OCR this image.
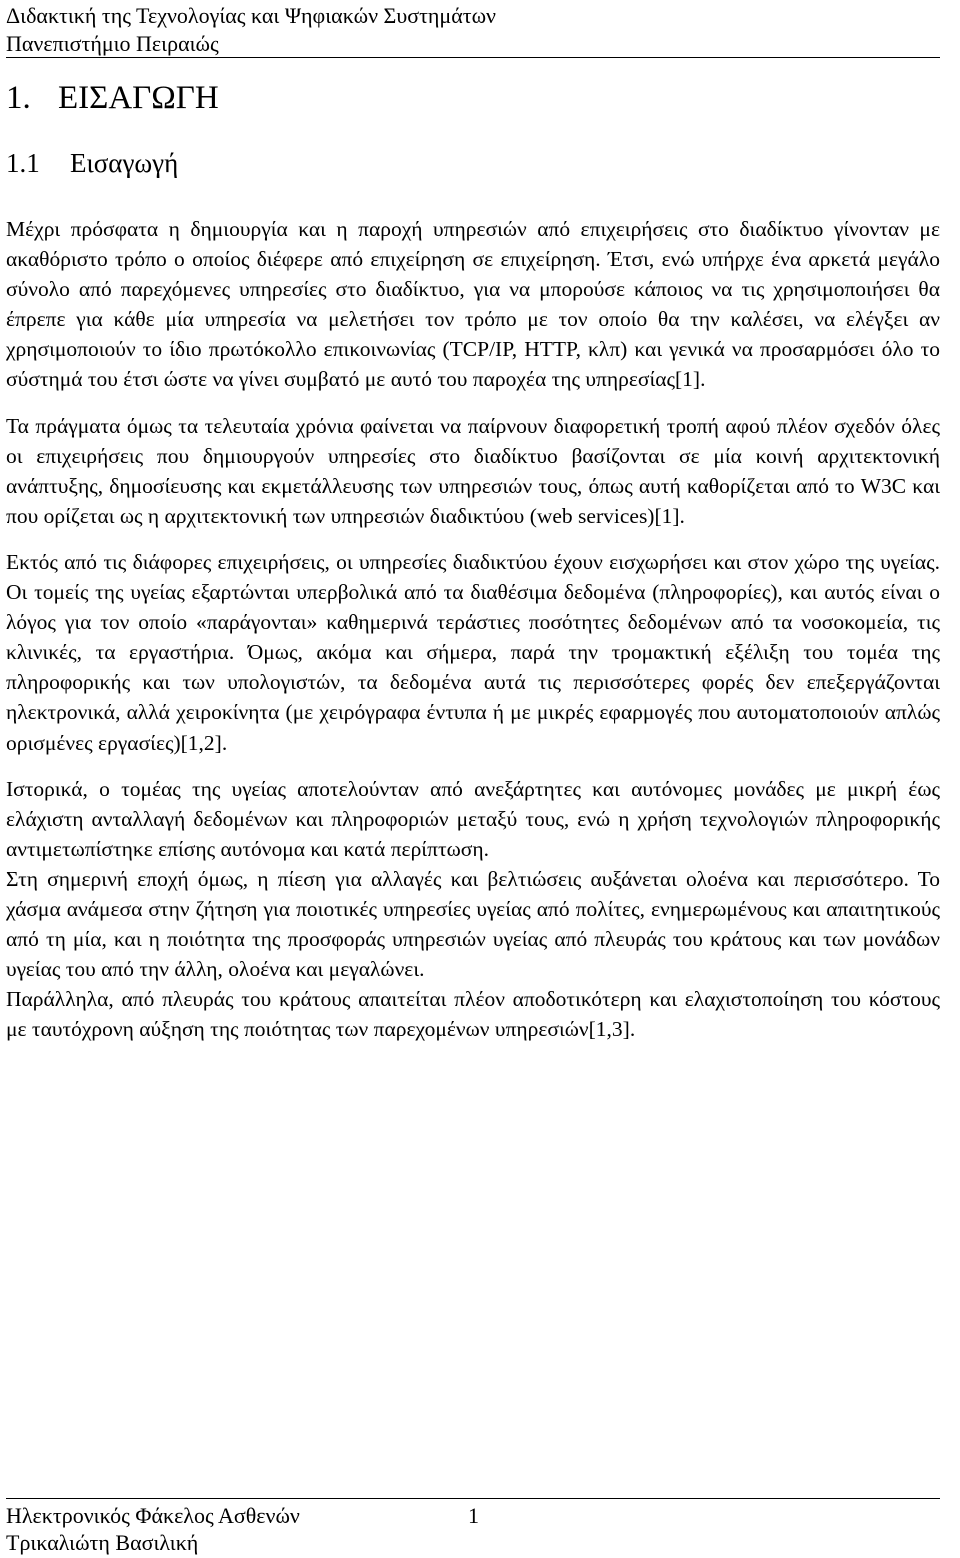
Διδακτική της Τεχνολογίας και Ψηφιακών Συστημάτων
Πανεπιστήμιο Πειραιώς
1. ΕΙΣΑΓΩΓΗ
1.1 Εισαγωγή

Μέχρι πρόσφατα η δημιουργία και η παροχή υπηρεσιών από επιχειρήσεις στο διαδίκτυο γίνονταν με ακαθόριστο τρόπο ο οποίος διέφερε από επιχείρηση σε επιχείρηση. Έτσι, ενώ υπήρχε ένα αρκετά μεγάλο σύνολο από παρεχόμενες υπηρεσίες στο διαδίκτυο, για να μπορούσε κάποιος να τις χρησιμοποιήσει θα έπρεπε για κάθε μία υπηρεσία να μελετήσει τον τρόπο με τον οποίο θα την καλέσει, να ελέγξει αν χρησιμοποιούν το ίδιο πρωτόκολλο επικοινωνίας (TCP/IP, HTTP, κλπ) και γενικά να προσαρμόσει όλο το σύστημά του έτσι ώστε να γίνει συμβατό με αυτό του παροχέα της υπηρεσίας[1].

Τα πράγματα όμως τα τελευταία χρόνια φαίνεται να παίρνουν διαφορετική τροπή αφού πλέον σχεδόν όλες οι επιχειρήσεις που δημιουργούν υπηρεσίες στο διαδίκτυο βασίζονται σε μία κοινή αρχιτεκτονική ανάπτυξης, δημοσίευσης και εκμετάλλευσης των υπηρεσιών τους, όπως αυτή καθορίζεται από το W3C και που ορίζεται ως η αρχιτεκτονική των υπηρεσιών διαδικτύου (web services)[1].

Εκτός από τις διάφορες επιχειρήσεις, οι υπηρεσίες διαδικτύου έχουν εισχωρήσει και στον χώρο της υγείας. Οι τομείς της υγείας εξαρτώνται υπερβολικά από τα διαθέσιμα δεδομένα (πληροφορίες), και αυτός είναι ο λόγος για τον οποίο «παράγονται» καθημερινά τεράστιες ποσότητες δεδομένων από τα νοσοκομεία, τις κλινικές, τα εργαστήρια. Όμως, ακόμα και σήμερα, παρά την τρομακτική εξέλιξη του τομέα της πληροφορικής και των υπολογιστών, τα δεδομένα αυτά τις περισσότερες φορές δεν επεξεργάζονται ηλεκτρονικά, αλλά χειροκίνητα (με χειρόγραφα έντυπα ή με μικρές εφαρμογές που αυτοματοποιούν απλώς ορισμένες εργασίες)[1,2].

Ιστορικά, ο τομέας της υγείας αποτελούνταν από ανεξάρτητες και αυτόνομες μονάδες με μικρή έως ελάχιστη ανταλλαγή δεδομένων και πληροφοριών μεταξύ τους, ενώ η χρήση τεχνολογιών πληροφορικής αντιμετωπίστηκε επίσης αυτόνομα και κατά περίπτωση.

Στη σημερινή εποχή όμως, η πίεση για αλλαγές και βελτιώσεις αυξάνεται ολοένα και περισσότερο. Το χάσμα ανάμεσα στην ζήτηση για ποιοτικές υπηρεσίες υγείας από πολίτες, ενημερωμένους και απαιτητικούς από τη μία, και η ποιότητα της προσφοράς υπηρεσιών υγείας από πλευράς του κράτους και των μονάδων υγείας του από την άλλη, ολοένα και μεγαλώνει.

Παράλληλα, από πλευράς του κράτους απαιτείται πλέον αποδοτικότερη και ελαχιστοποίηση του κόστους με ταυτόχρονη αύξηση της ποιότητας των παρεχομένων υπηρεσιών[1,3].

Ηλεκτρονικός Φάκελος Ασθενών	1
Τρικαλιώτη Βασιλική
